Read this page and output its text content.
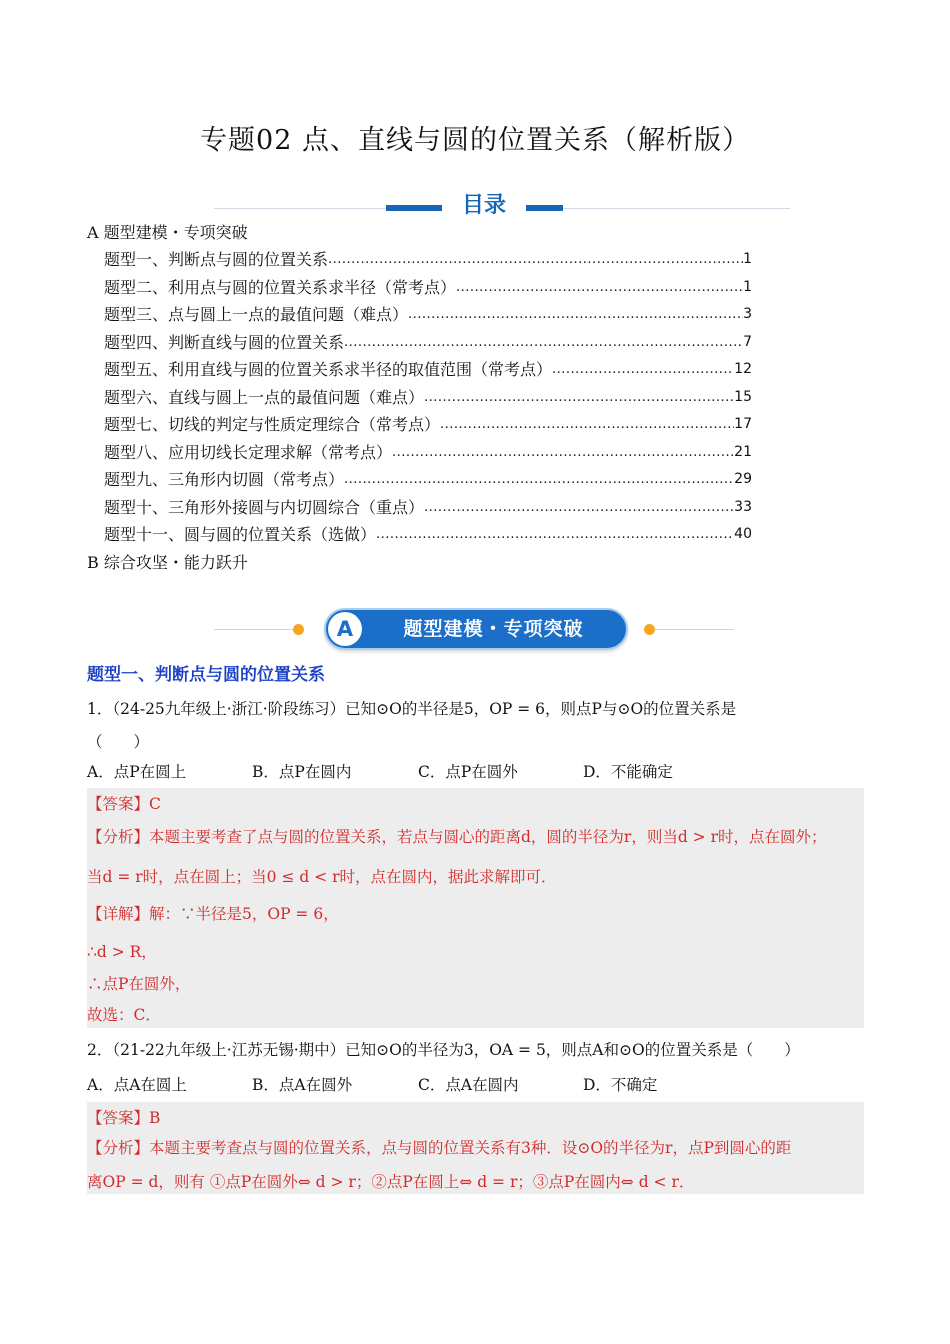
专题02 点、直线与圆的位置关系（解析版）
目录
A 题型建模・专项突破
题型一、判断点与圆的位置关系 .....	1
题型二、利用点与圆的位置关系求半径（常考点） .....	1
题型三、点与圆上一点的最值问题（难点） .....	3
题型四、判断直线与圆的位置关系 .....	7
题型五、利用直线与圆的位置关系求半径的取值范围（常考点） .....	12
题型六、直线与圆上一点的最值问题（难点） .....	15
题型七、切线的判定与性质定理综合（常考点） .....	17
题型八、应用切线长定理求解（常考点） .....	21
题型九、三角形内切圆（常考点） .....	29
题型十、三角形外接圆与内切圆综合（重点） .....	33
题型十一、圆与圆的位置关系（选做） .....	40
B 综合攻坚・能力跃升
A	题型建模・专项突破
题型一、判断点与圆的位置关系
1．（24-25九年级上·浙江·阶段练习）已知⊙O的半径是5，OP = 6，则点P与⊙O的位置关系是
（　　）
A．点P在圆上	B．点P在圆内	C．点P在圆外	D．不能确定
【答案】C
【分析】本题主要考查了点与圆的位置关系，若点与圆心的距离d，圆的半径为r，则当d > r时，点在圆外；
当d = r时，点在圆上；当0 ≤ d < r时，点在圆内，据此求解即可．
【详解】解：∵半径是5，OP = 6，
∴d > R，
∴点P在圆外，
故选：C．
2．（21-22九年级上·江苏无锡·期中）已知⊙O的半径为3，OA = 5，则点A和⊙O的位置关系是（　　）
A．点A在圆上	B．点A在圆外	C．点A在圆内	D．不确定
【答案】B
【分析】本题主要考查点与圆的位置关系，点与圆的位置关系有3种．设⊙O的半径为r，点P到圆心的距
离OP = d，则有 ①点P在圆外⇔ d > r；②点P在圆上⇔ d = r；③点P在圆内⇔ d < r．
